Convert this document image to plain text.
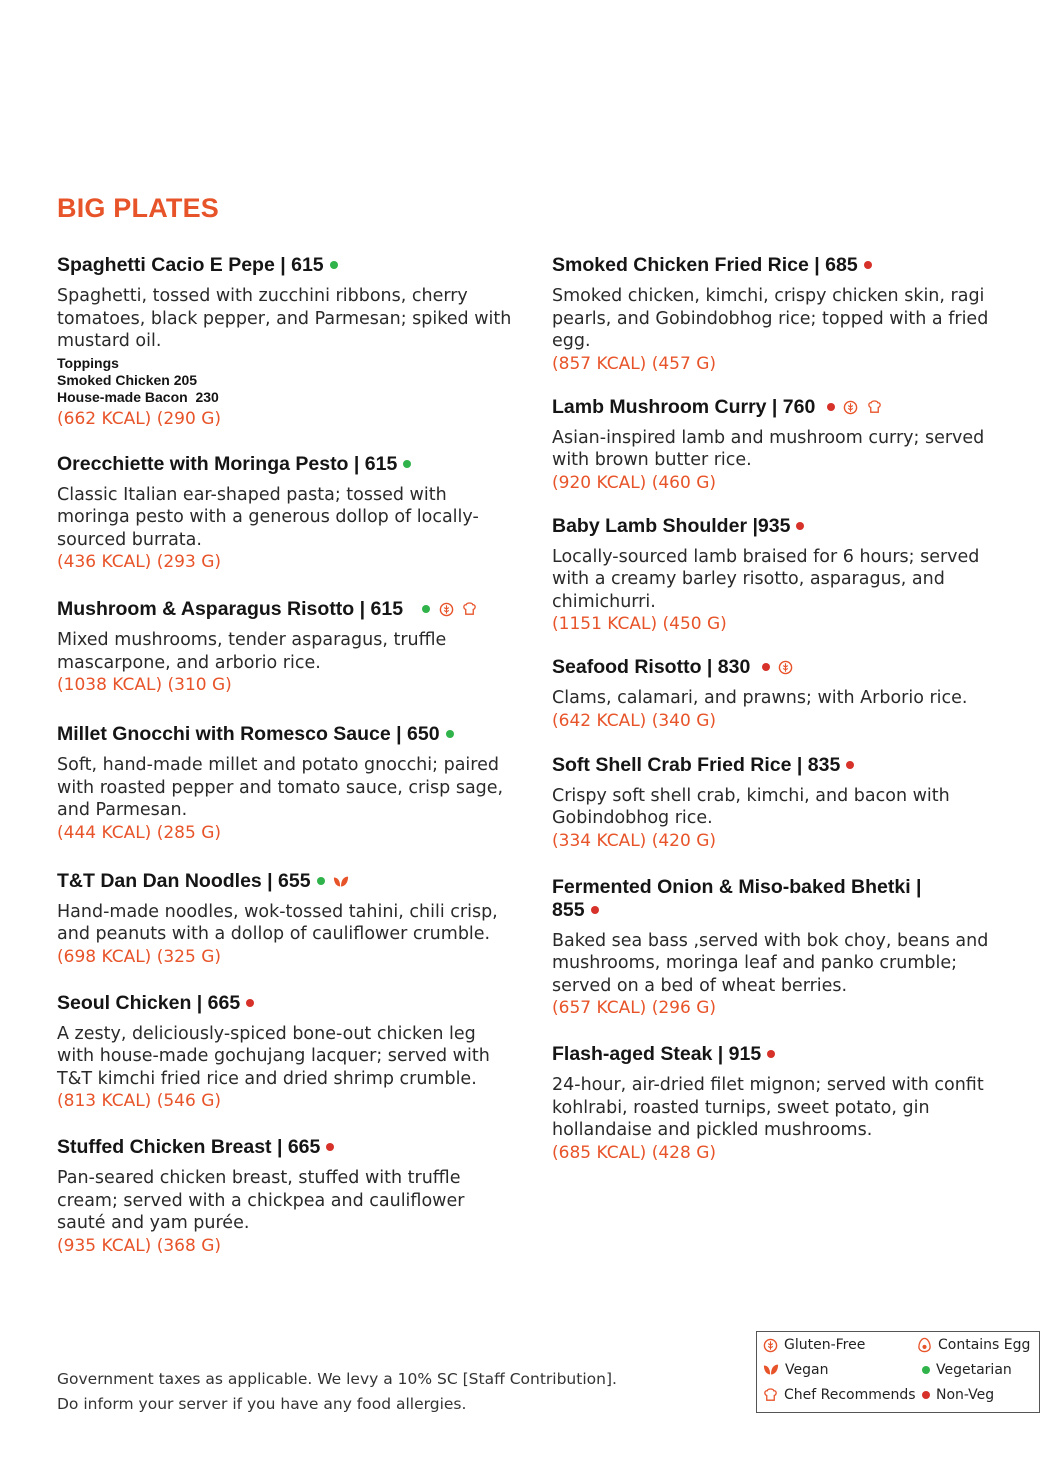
BIG PLATES
Spaghetti Cacio E Pepe | 615

Spaghetti, tossed with zucchini ribbons, cherry tomatoes, black pepper, and Parmesan; spiked with mustard oil.

Toppings
Smoked Chicken 205
House-made Bacon  230

(662 KCAL) (290 G)

Orecchiette with Moringa Pesto | 615

Classic Italian ear-shaped pasta; tossed with moringa pesto with a generous dollop of locally-sourced burrata.

(436 KCAL) (293 G)

Mushroom & Asparagus Risotto | 615

Mixed mushrooms, tender asparagus, truffle mascarpone, and arborio rice.

(1038 KCAL) (310 G)

Millet Gnocchi with Romesco Sauce | 650

Soft, hand-made millet and potato gnocchi; paired with roasted pepper and tomato sauce, crisp sage, and Parmesan.

(444 KCAL) (285 G)

T&T Dan Dan Noodles | 655

Hand-made noodles, wok-tossed tahini, chili crisp, and peanuts with a dollop of cauliflower crumble.

(698 KCAL) (325 G)

Seoul Chicken | 665

A zesty, deliciously-spiced bone-out chicken leg with house-made gochujang lacquer; served with T&T kimchi fried rice and dried shrimp crumble.

(813 KCAL) (546 G)

Stuffed Chicken Breast | 665

Pan-seared chicken breast, stuffed with truffle cream; served with a chickpea and cauliflower sauté and yam purée.

(935 KCAL) (368 G)

Smoked Chicken Fried Rice | 685

Smoked chicken, kimchi, crispy chicken skin, ragi pearls, and Gobindobhog rice; topped with a fried egg.

(857 KCAL) (457 G)

Lamb Mushroom Curry | 760

Asian-inspired lamb and mushroom curry; served with brown butter rice.

(920 KCAL) (460 G)

Baby Lamb Shoulder |935

Locally-sourced lamb braised for 6 hours; served with a creamy barley risotto, asparagus, and chimichurri.

(1151 KCAL) (450 G)

Seafood Risotto | 830

Clams, calamari, and prawns; with Arborio rice.

(642 KCAL) (340 G)

Soft Shell Crab Fried Rice | 835

Crispy soft shell crab, kimchi, and bacon with Gobindobhog rice.

(334 KCAL) (420 G)

Fermented Onion & Miso-baked Bhetki | 855

Baked sea bass ,served with bok choy, beans and mushrooms, moringa leaf and panko crumble; served on a bed of wheat berries.

(657 KCAL) (296 G)

Flash-aged Steak | 915

24-hour, air-dried filet mignon; served with confit kohlrabi, roasted turnips, sweet potato, gin hollandaise and pickled mushrooms.

(685 KCAL) (428 G)

Government taxes as applicable. We levy a 10% SC [Staff Contribution].
Do inform your server if you have any food allergies.
Gluten-Free	Contains Egg
Vegan	Vegetarian
Chef Recommends Non-Veg
